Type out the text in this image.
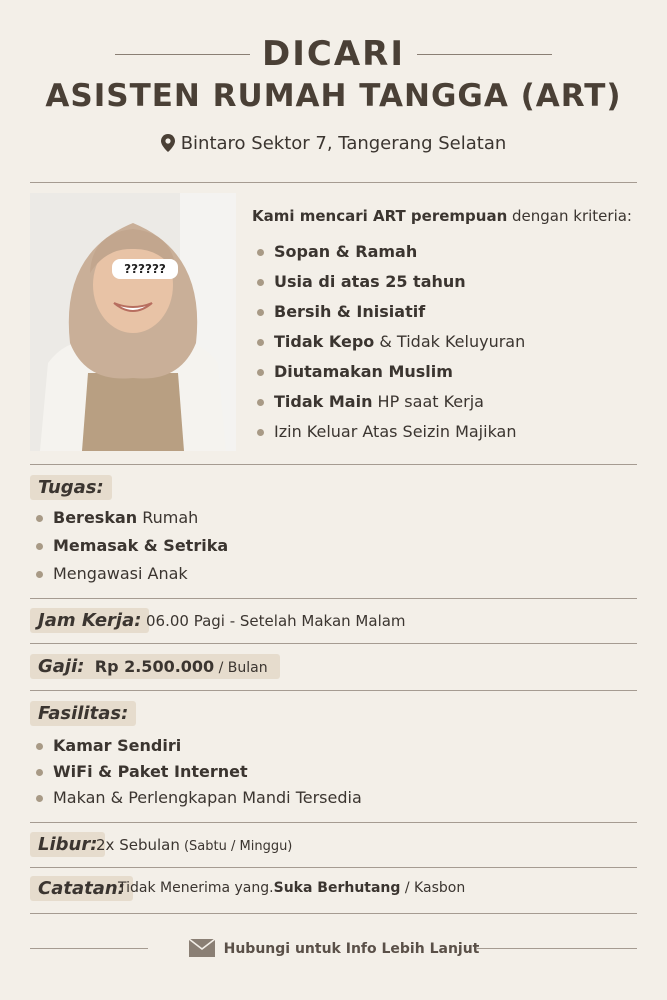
DICARI
ASISTEN RUMAH TANGGA (ART)
Bintaro Sektor 7, Tangerang Selatan
??????
Kami mencari ART perempuan dengan kriteria:
Sopan & Ramah
Usia di atas 25 tahun
Bersih & Inisiatif
Tidak Kepo & Tidak Keluyuran
Diutamakan Muslim
Tidak Main HP saat Kerja
Izin Keluar Atas Seizin Majikan
Tugas:
Bereskan Rumah
Memasak & Setrika
Mengawasi Anak
Jam Kerja: 06.00 Pagi - Setelah Makan Malam
Gaji: Rp 2.500.000 / Bulan
Fasilitas:
Kamar Sendiri
WiFi & Paket Internet
Makan & Perlengkapan Mandi Tersedia
Libur:
2x Sebulan (Sabtu / Minggu)
Catatan:
Tidak Menerima yang.Suka Berhutang / Kasbon
Hubungi untuk Info Lebih Lanjut
